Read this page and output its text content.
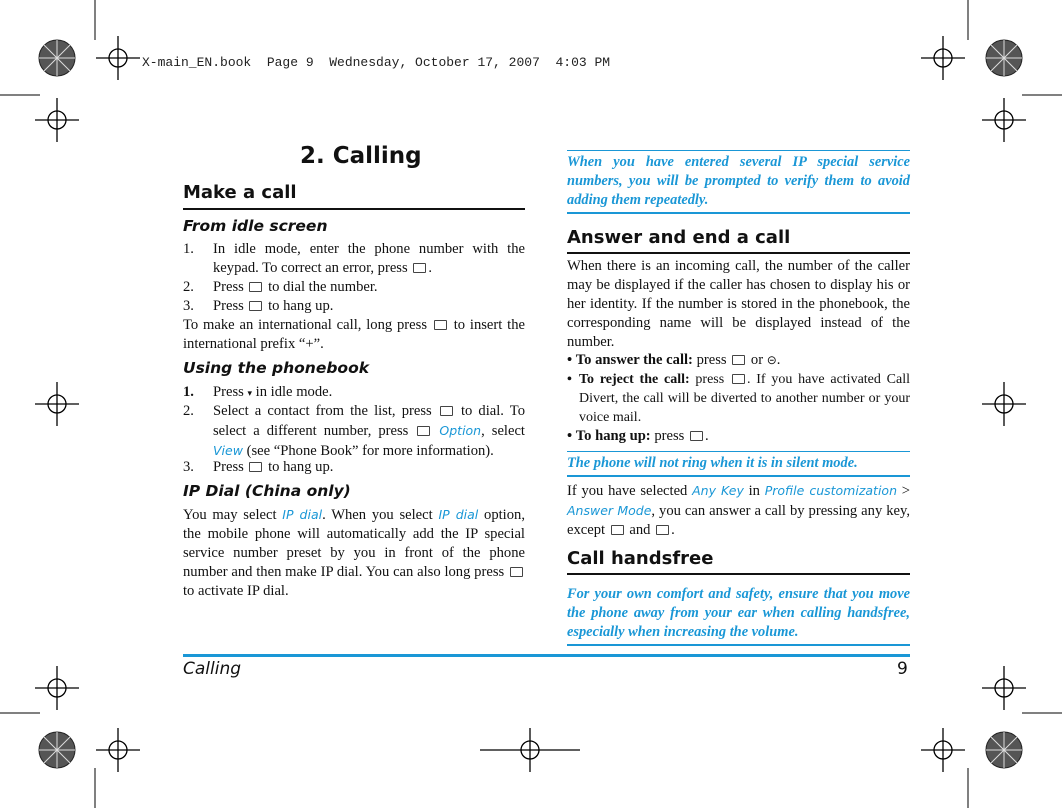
X-main_EN.book  Page 9  Wednesday, October 17, 2007  4:03 PM
2. Calling
Make a call
From idle screen
1. In idle mode, enter the phone number with the keypad. To correct an error, press .
2. Press to dial the number.
3. Press to hang up.
To make an international call, long press to insert the international prefix “+”.
Using the phonebook
1. Press ▾ in idle mode.
2. Select a contact from the list, press to dial. To select a different number, press Option, select View (see “Phone Book” for more information).
3. Press to hang up.
IP Dial (China only)
You may select IP dial. When you select IP dial option, the mobile phone will automatically add the IP special service number preset by you in front of the phone number and then make IP dial. You can also long press  to activate IP dial.
When you have entered several IP special service numbers, you will be prompted to verify them to avoid adding them repeatedly.
Answer and end a call
When there is an incoming call, the number of the caller may be displayed if the caller has chosen to display his or her identity. If the number is stored in the phonebook, the corresponding name will be displayed instead of the number.
• To answer the call: press or ⊝.
• To reject the call: press . If you have activated Call Divert, the call will be diverted to another number or your voice mail.
• To hang up: press .
The phone will not ring when it is in silent mode.
If you have selected Any Key in Profile customization > Answer Mode, you can answer a call by pressing any key, except and .
Call handsfree
For your own comfort and safety, ensure that you move the phone away from your ear when calling handsfree, especially when increasing the volume.
Calling	9
